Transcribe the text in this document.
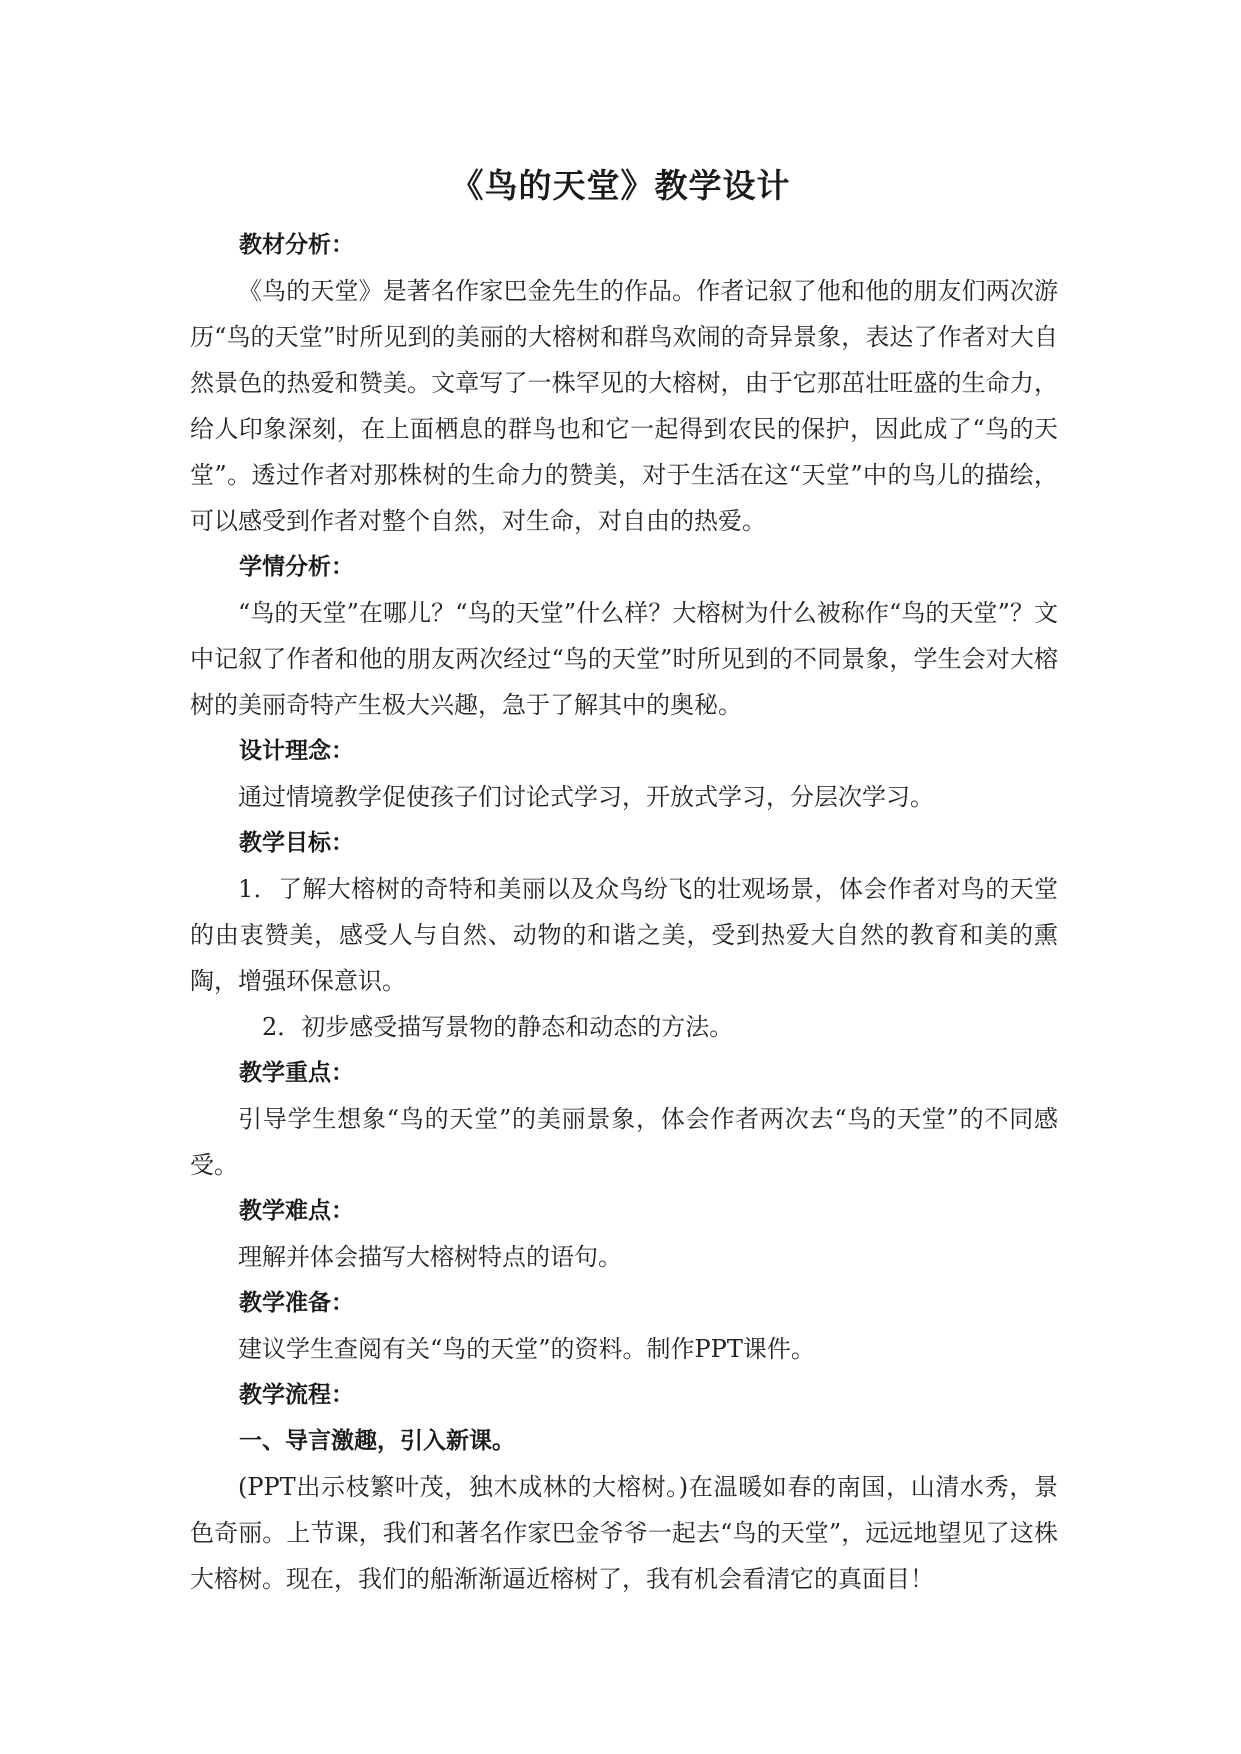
《鸟的天堂》教学设计
教材分析：

《鸟的天堂》是著名作家巴金先生的作品。作者记叙了他和他的朋友们两次游历“鸟的天堂”时所见到的美丽的大榕树和群鸟欢闹的奇异景象，表达了作者对大自然景色的热爱和赞美。文章写了一株罕见的大榕树，由于它那茁壮旺盛的生命力，给人印象深刻，在上面栖息的群鸟也和它一起得到农民的保护，因此成了“鸟的天堂”。透过作者对那株树的生命力的赞美，对于生活在这“天堂”中的鸟儿的描绘，可以感受到作者对整个自然，对生命，对自由的热爱。

学情分析：

“鸟的天堂”在哪儿？“鸟的天堂”什么样？大榕树为什么被称作“鸟的天堂”？文中记叙了作者和他的朋友两次经过“鸟的天堂”时所见到的不同景象，学生会对大榕树的美丽奇特产生极大兴趣，急于了解其中的奥秘。

设计理念：

通过情境教学促使孩子们讨论式学习，开放式学习，分层次学习。

教学目标：

1．了解大榕树的奇特和美丽以及众鸟纷飞的壮观场景，体会作者对鸟的天堂的由衷赞美，感受人与自然、动物的和谐之美，受到热爱大自然的教育和美的熏陶，增强环保意识。

2．初步感受描写景物的静态和动态的方法。

教学重点：

引导学生想象“鸟的天堂”的美丽景象，体会作者两次去“鸟的天堂”的不同感受。

教学难点：

理解并体会描写大榕树特点的语句。

教学准备：

建议学生查阅有关“鸟的天堂”的资料。制作PPT课件。

教学流程：
一、导言激趣，引入新课。

(PPT出示枝繁叶茂，独木成林的大榕树。)在温暖如春的南国，山清水秀，景色奇丽。上节课，我们和著名作家巴金爷爷一起去“鸟的天堂”，远远地望见了这株大榕树。现在，我们的船渐渐逼近榕树了，我有机会看清它的真面目！
